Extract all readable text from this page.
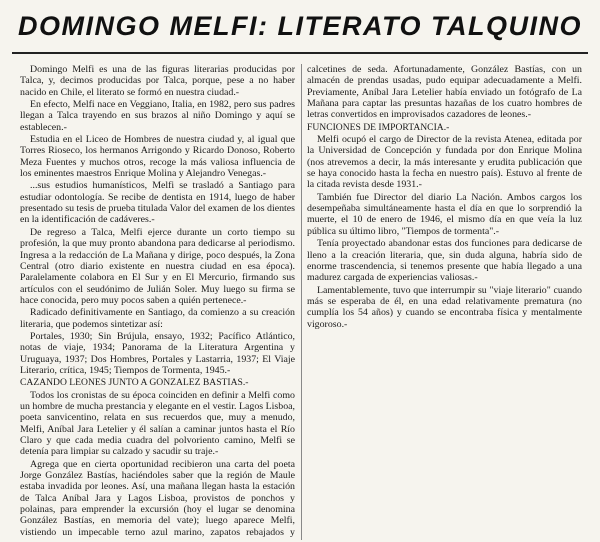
DOMINGO MELFI: LITERATO TALQUINO

Domingo Melfi es una de las figuras literarias producidas por Talca, y, decimos producidas por Talca, porque, pese a no haber nacido en Chile, el literato se formó en nuestra ciudad.-

En efecto, Melfi nace en Veggiano, Italia, en 1982, pero sus padres llegan a Talca trayendo en sus brazos al niño Domingo y aquí se establecen.-

Estudia en el Liceo de Hombres de nuestra ciudad y, al igual que Torres Rioseco, los hermanos Arrigondo y Ricardo Donoso, Roberto Meza Fuentes y muchos otros, recoge la más valiosa influencia de los eminentes maestros Enrique Molina y Alejandro Venegas.-

...sus estudios humanísticos, Melfi se trasladó a Santiago para estudiar odontología. Se recibe de dentista en 1914, luego de haber presentado su tesis de prueba titulada Valor del examen de los dientes en la identificación de cadáveres.-

De regreso a Talca, Melfi ejerce durante un corto tiempo su profesión, la que muy pronto abandona para dedicarse al periodismo. Ingresa a la redacción de La Mañana y dirige, poco después, la Zona Central (otro diario existente en nuestra ciudad en esa época). Paralelamente colabora en El Sur y en El Mercurio, firmando sus artículos con el seudónimo de Julián Soler. Muy luego su firma se hace conocida, pero muy pocos saben a quién pertenece.-

Radicado definitivamente en Santiago, da comienzo a su creación literaria, que podemos sintetizar así:

Portales, 1930; Sin Brújula, ensayo, 1932; Pacífico Atlántico, notas de viaje, 1934; Panorama de la Literatura Argentina y Uruguaya, 1937; Dos Hombres, Portales y Lastarria, 1937; El Viaje Literario, crítica, 1945; Tiempos de Tormenta, 1945.-

CAZANDO LEONES JUNTO A GONZALEZ BASTIAS.-

Todos los cronistas de su época coinciden en definir a Melfi como un hombre de mucha prestancia y elegante en el vestir. Lagos Lisboa, poeta sanvicentino, relata en sus recuerdos que, muy a menudo, Melfi, Aníbal Jara Letelier y él salían a caminar juntos hasta el Río Claro y que cada media cuadra del polvoriento camino, Melfi se detenía para limpiar su calzado y sacudir su traje.-

Agrega que en cierta oportunidad recibieron una carta del poeta Jorge González Bastías, haciéndoles saber que la región de Maule estaba invadida por leones. Así, una mañana llegan hasta la estación de Talca Aníbal Jara y Lagos Lisboa, provistos de ponchos y polainas, para emprender la excursión (hoy el lugar se denomina González Bastías, en memoria del vate); luego aparece Melfi, vistiendo un impecable terno azul marino, zapatos rebajados y calcetines de seda. Afortunadamente, González Bastías, con un almacén de prendas usadas, pudo equipar adecuadamente a Melfi. Previamente, Aníbal Jara Letelier había enviado un fotógrafo de La Mañana para captar las presuntas hazañas de los cuatro hombres de letras convertidos en improvisados cazadores de leones.-

FUNCIONES DE IMPORTANCIA.-

Melfi ocupó el cargo de Director de la revista Atenea, editada por la Universidad de Concepción y fundada por don Enrique Molina (nos atrevemos a decir, la más interesante y erudita publicación que se haya conocido hasta la fecha en nuestro país). Estuvo al frente de la citada revista desde 1931.-

También fue Director del diario La Nación. Ambos cargos los desempeñaba simultáneamente hasta el día en que lo sorprendió la muerte, el 10 de enero de 1946, el mismo día en que veía la luz pública su último libro, "Tiempos de tormenta".-

Tenía proyectado abandonar estas dos funciones para dedicarse de lleno a la creación literaria, que, sin duda alguna, habría sido de enorme trascendencia, si tenemos presente que había llegado a una madurez cargada de experiencias valiosas.-

Lamentablemente, tuvo que interrumpir su "viaje literario" cuando más se esperaba de él, en una edad relativamente prematura (no cumplía los 54 años) y cuando se encontraba física y mentalmente vigoroso.-
